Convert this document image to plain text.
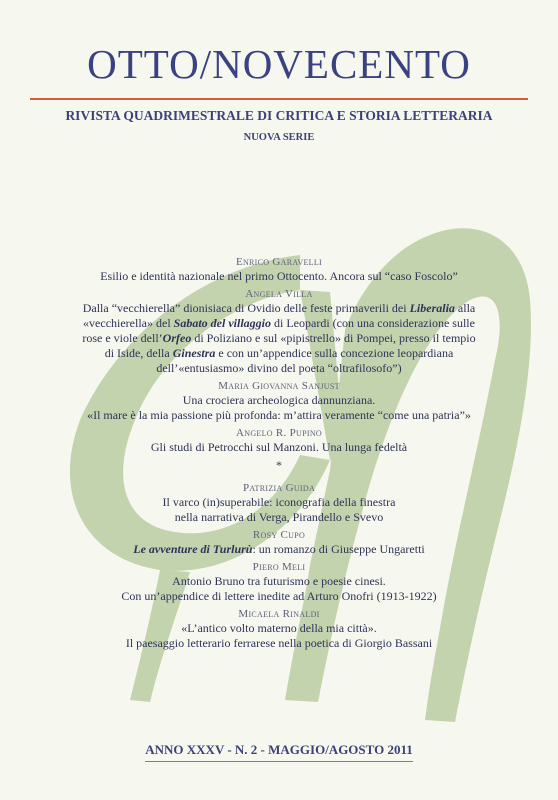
OTTO/NOVECENTO
RIVISTA QUADRIMESTRALE DI CRITICA E STORIA LETTERARIA
NUOVA SERIE
Enrico Garavelli
Esilio e identità nazionale nel primo Ottocento. Ancora sul “caso Foscolo”
Angela Villa
Dalla “vecchierella” dionisiaca di Ovidio delle feste primaverili dei Liberalia alla
«vecchierella» del Sabato del villaggio di Leopardi (con una considerazione sulle
rose e viole dell’Orfeo di Poliziano e sul «pipistrello» di Pompei, presso il tempio
di Iside, della Ginestra e con un’appendice sulla concezione leopardiana
dell’«entusiasmo» divino del poeta “oltrafilosofo”)
Maria Giovanna Sanjust
Una crociera archeologica dannunziana.
«Il mare è la mia passione più profonda: m’attira veramente “come una patria”»
Angelo R. Pupino
Gli studi di Petrocchi sul Manzoni. Una lunga fedeltà
*
Patrizia Guida
Il varco (in)superabile: iconografia della finestra
nella narrativa di Verga, Pirandello e Svevo
Rosy Cupo
Le avventure di Turlurù: un romanzo di Giuseppe Ungaretti
Piero Meli
Antonio Bruno tra futurismo e poesie cinesi.
Con un’appendice di lettere inedite ad Arturo Onofri (1913-1922)
Micaela Rinaldi
«L’antico volto materno della mia città».
Il paesaggio letterario ferrarese nella poetica di Giorgio Bassani
ANNO XXXV - N. 2 - MAGGIO/AGOSTO 2011
